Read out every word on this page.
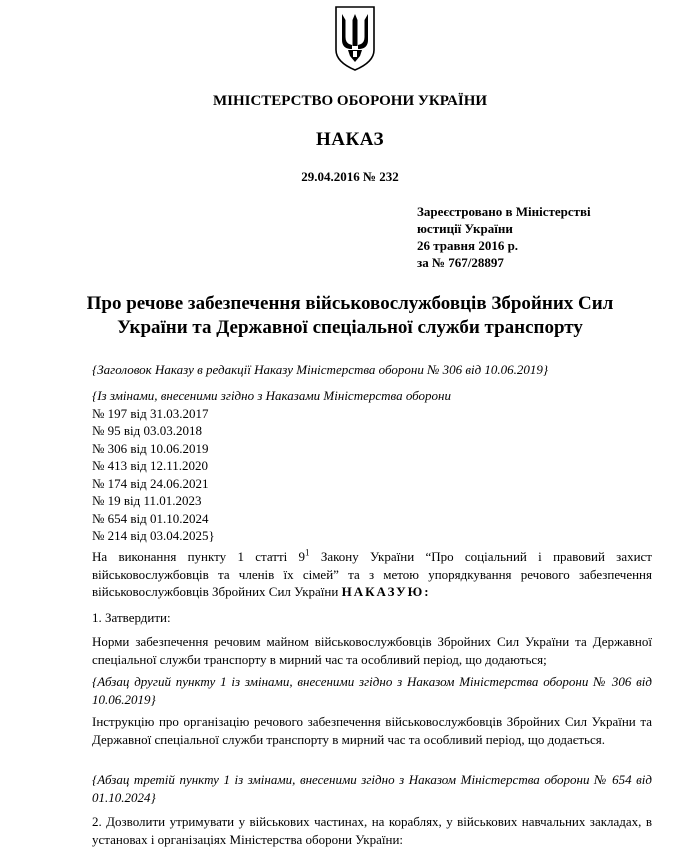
МІНІСТЕРСТВО ОБОРОНИ УКРАЇНИ
НАКАЗ
29.04.2016 № 232
Зареєстровано в Міністерстві
юстиції України
26 травня 2016 р.
за № 767/28897
Про речове забезпечення військовослужбовців Збройних Сил
України та Державної спеціальної служби транспорту
{Заголовок Наказу в редакції Наказу Міністерства оборони № 306 від 10.06.2019}
{Із змінами, внесеними згідно з Наказами Міністерства оборони
№ 197 від 31.03.2017
№ 95 від 03.03.2018
№ 306 від 10.06.2019
№ 413 від 12.11.2020
№ 174 від 24.06.2021
№ 19 від 11.01.2023
№ 654 від 01.10.2024
№ 214 від 03.04.2025}
На виконання пункту 1 статті $9^1$ Закону України “Про соціальний і правовий захист військовослужбовців та членів їх сімей” та з метою упорядкування речового забезпечення військовослужбовців Збройних Сил України НАКАЗУЮ:
1. Затвердити:
Норми забезпечення речовим майном військовослужбовців Збройних Сил України та Державної спеціальної служби транспорту в мирний час та особливий період, що додаються;
{Абзац другий пункту 1 із змінами, внесеними згідно з Наказом Міністерства оборони № 306 від 10.06.2019}
Інструкцію про організацію речового забезпечення військовослужбовців Збройних Сил України та Державної спеціальної служби транспорту в мирний час та особливий період, що додається.
{Абзац третій пункту 1 із змінами, внесеними згідно з Наказом Міністерства оборони № 654 від 01.10.2024}
2. Дозволити утримувати у військових частинах, на кораблях, у військових навчальних закладах, в установах і організаціях Міністерства оборони України:
